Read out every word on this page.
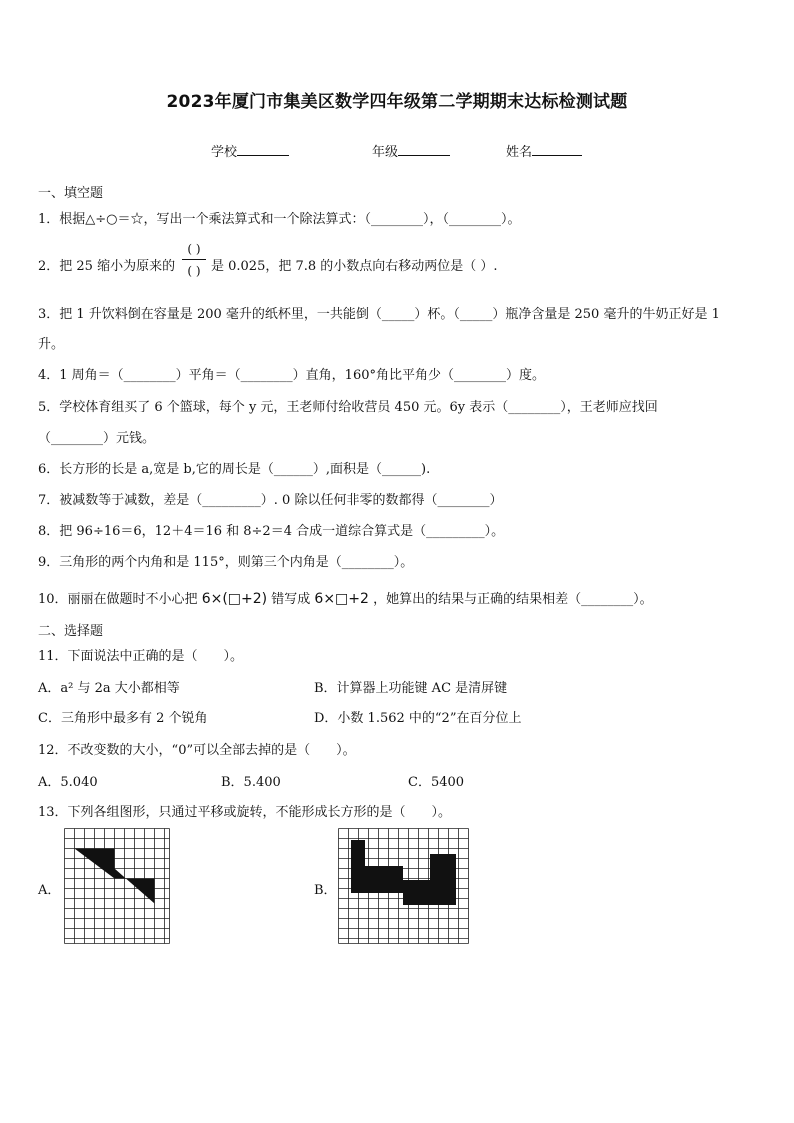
2023年厦门市集美区数学四年级第二学期期末达标检测试题
学校	年级	姓名
一、填空题
1．根据△÷○＝☆，写出一个乘法算式和一个除法算式：（________），（________）。
2．把 25 缩小为原来的
( )
( ) 是 0.025，把 7.8 的小数点向右移动两位是（ ）.
3．把 1 升饮料倒在容量是 200 毫升的纸杯里，一共能倒（_____）杯。（_____）瓶净含量是 250 毫升的牛奶正好是 1
升。
4．1 周角＝（________）平角＝（________）直角，160°角比平角少（________）度。
5．学校体育组买了 6 个篮球，每个 y 元，王老师付给收营员 450 元。6y 表示（________），王老师应找回
（________）元钱。
6．长方形的长是 a,宽是 b,它的周长是（______）,面积是（______).
7．被减数等于减数，差是（_________）. 0 除以任何非零的数都得（________）
8．把 96÷16＝6，12＋4＝16 和 8÷2＝4 合成一道综合算式是（_________）。
9．三角形的两个内角和是 115°，则第三个内角是（________）。
10．丽丽在做题时不小心把 6×(□+2) 错写成 6×□+2 ，她算出的结果与正确的结果相差（________）。
二、选择题
11．下面说法中正确的是（　　）。
A．a² 与 2a 大小都相等	B．计算器上功能键 AC 是清屏键
C．三角形中最多有 2 个锐角	D．小数 1.562 中的“2”在百分位上
12．不改变数的大小，“0”可以全部去掉的是（　　）。
A．5.040	B．5.400	C．5400
13．下列各组图形，只通过平移或旋转，不能形成长方形的是（　　）。
A．	B．
